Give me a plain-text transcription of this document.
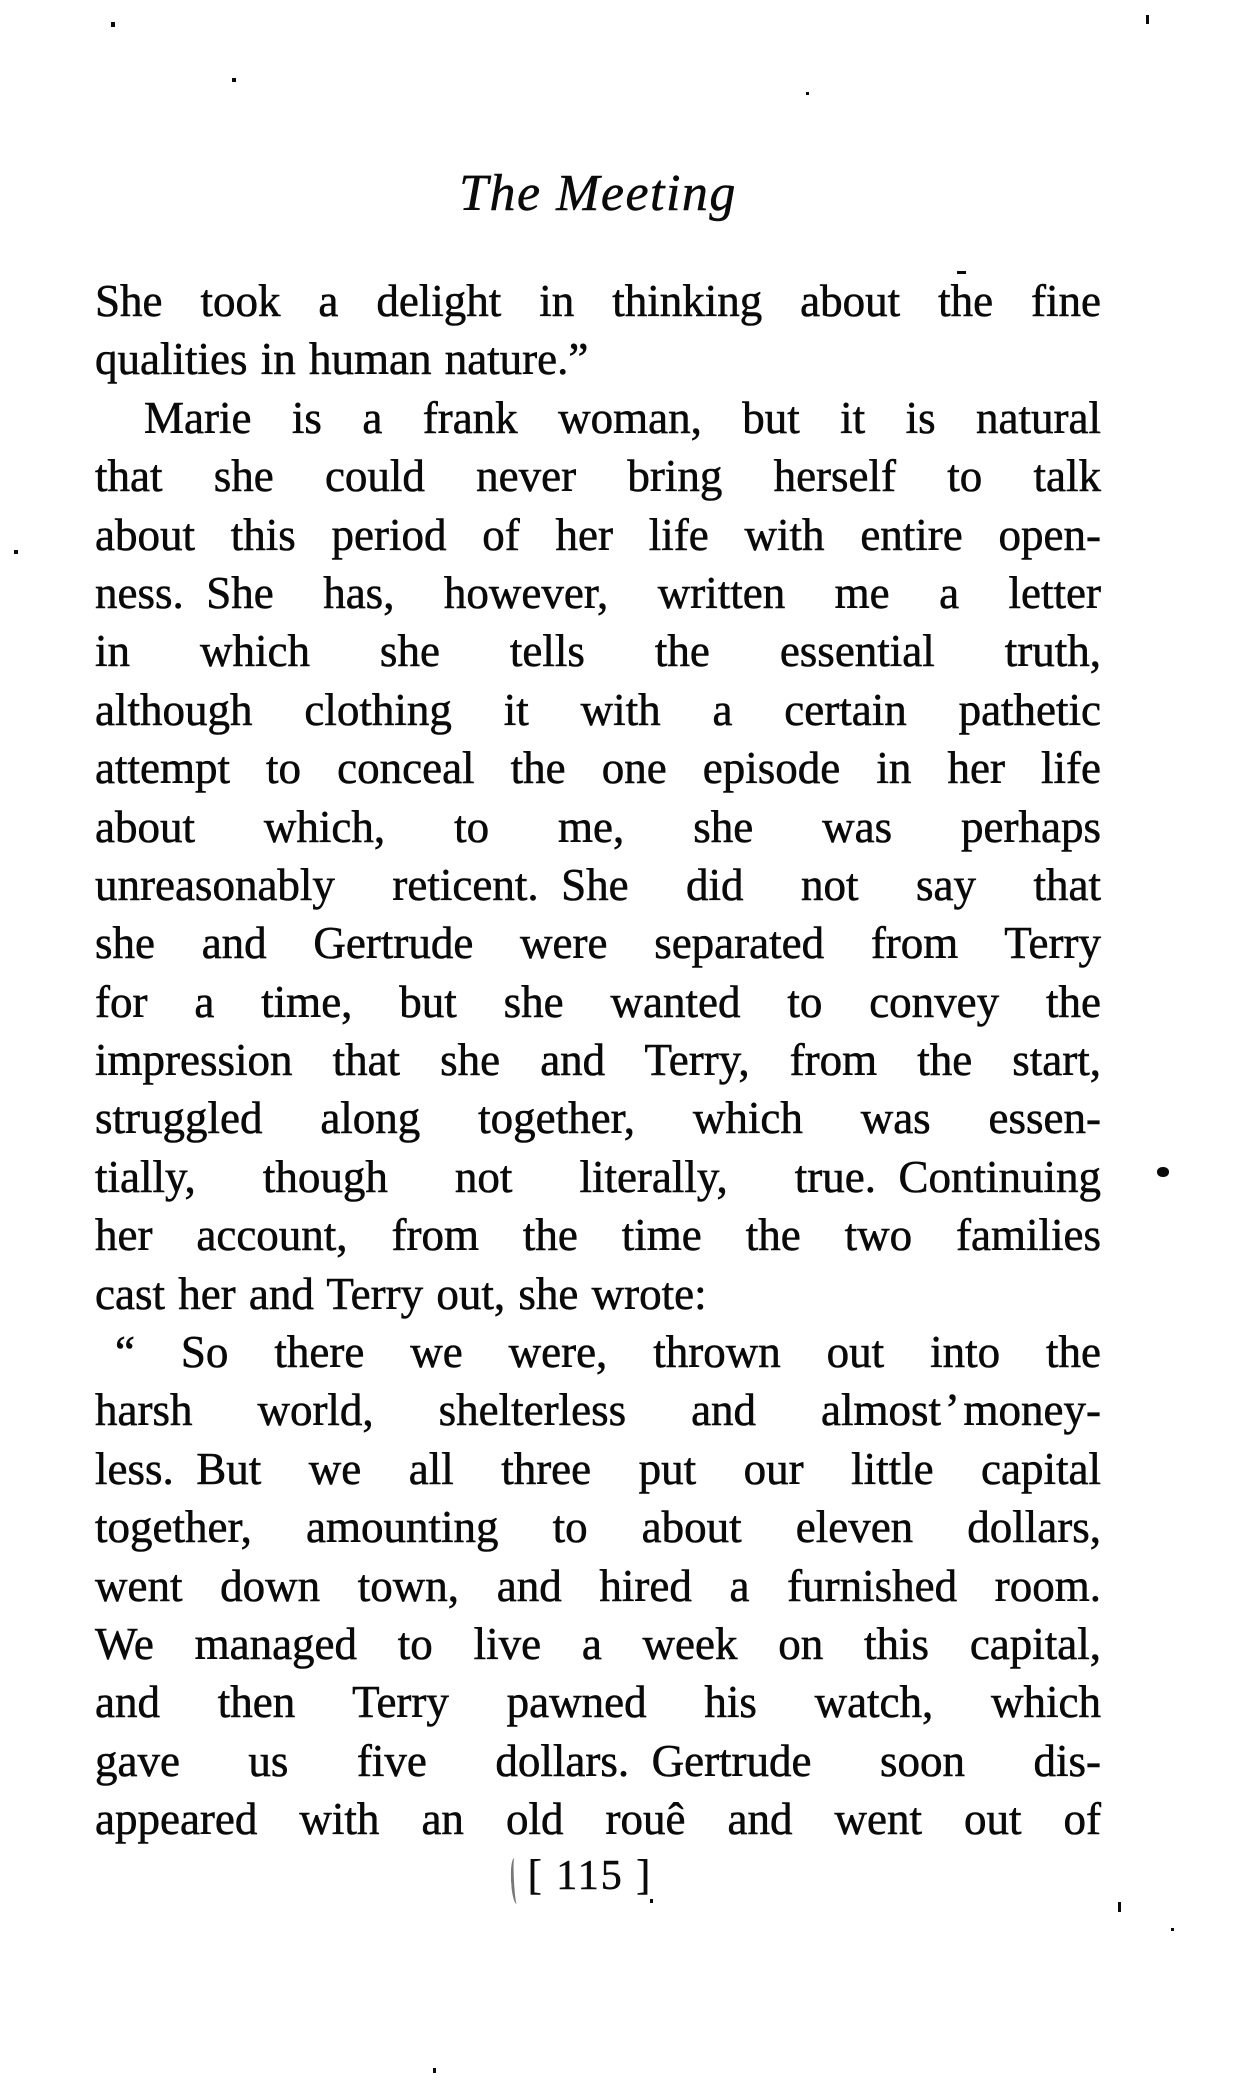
The Meeting
She took a delight in thinking about the fine
qualities in human nature.”
Marie is a frank woman, but it is natural
that she could never bring herself to talk
about this period of her life with entire open-
ness. She has, however, written me a letter
in which she tells the essential truth,
although clothing it with a certain pathetic
attempt to conceal the one episode in her life
about which, to me, she was perhaps
unreasonably reticent. She did not say that
she and Gertrude were separated from Terry
for a time, but she wanted to convey the
impression that she and Terry, from the start,
struggled along together, which was essen-
tially, though not literally, true. Continuing
her account, from the time the two families
cast her and Terry out, she wrote:
“ So there we were, thrown out into the
harsh world, shelterless and almost ʼ money-
less. But we all three put our little capital
together, amounting to about eleven dollars,
went down town, and hired a furnished room.
We managed to live a week on this capital,
and then Terry pawned his watch, which
gave us five dollars. Gertrude soon dis-
appeared with an old rouê and went out of
[ 115 ]
